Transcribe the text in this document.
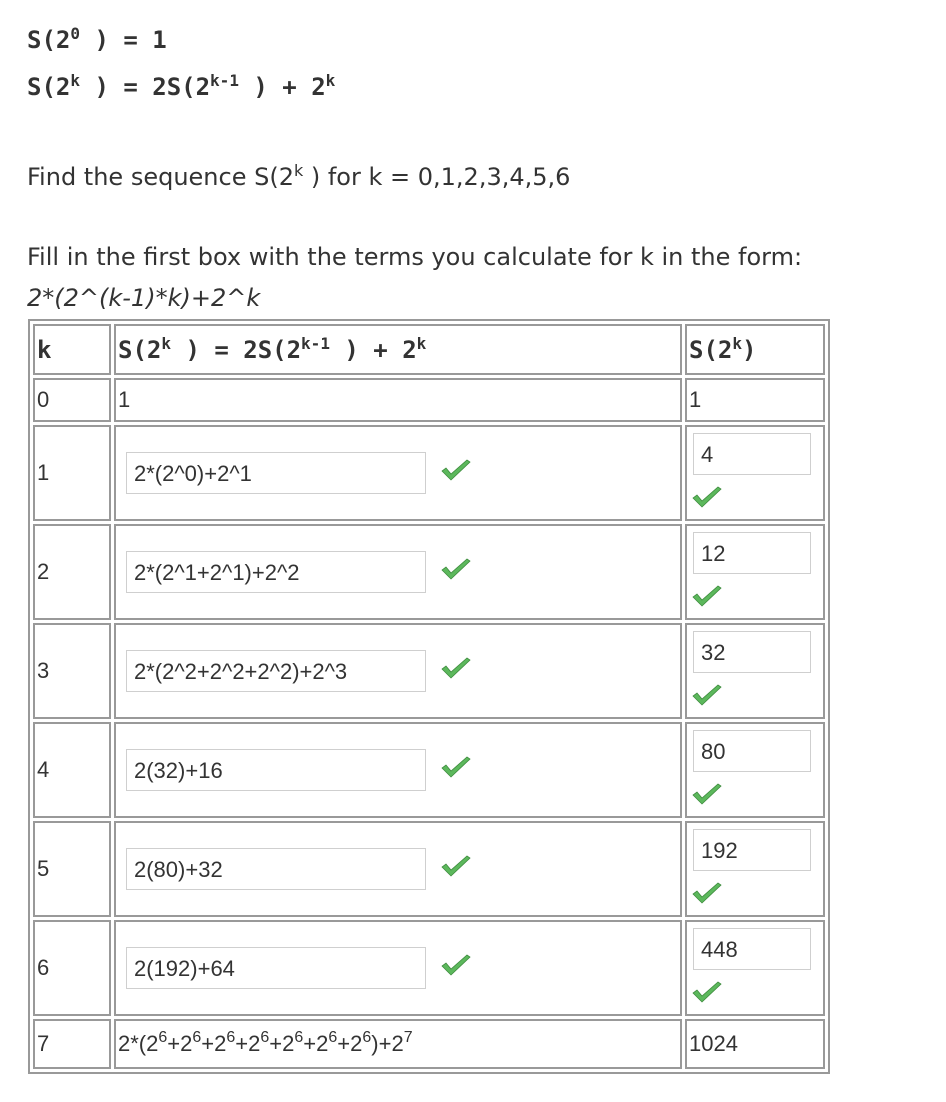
$S(2^0$ ) = 1
S(2$^k$ ) = $2S(2^{k-1}$ ) + $2^k$
Find the sequence S(2$^k$ ) for k = 0,1,2,3,4,5,6
Fill in the first box with the terms you calculate for k in the form:
2*(2^(k-1)*k)+2^k
k	S(2$^k$ ) = $2S(2^{k-1}$ ) + $2^k$	S(2$^k$)
0	1	1
1	2*(2^0)+2^1	4

2	2*(2^1+2^1)+2^2	12

3	2*(2^2+2^2+2^2)+2^3	32

4	2(32)+16	80

5	2(80)+32	192

6	2(192)+64	448

7	$2*(2^6+2^6+2^6+2^6+2^6+2^6+2^6)+2^7$	1024
